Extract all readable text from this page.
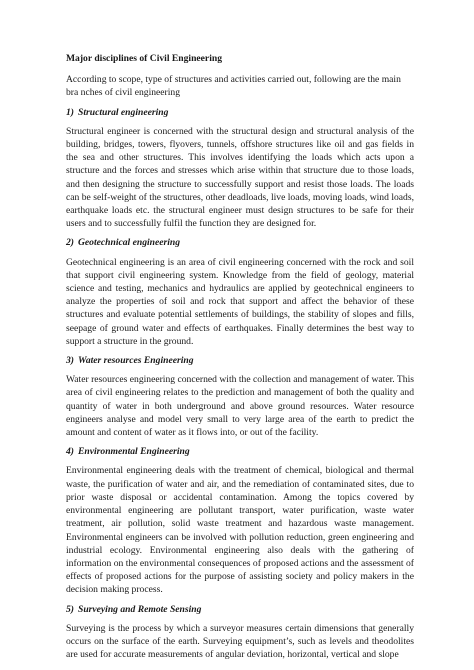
Major disciplines of Civil Engineering
According to scope, type of structures and activities carried out, following are the main bra nches of civil engineering
1) Structural engineering
Structural engineer is concerned with the structural design and structural analysis of the building, bridges, towers, flyovers, tunnels, offshore structures like oil and gas fields in the sea and other structures. This involves identifying the loads which acts upon a structure and the forces and stresses which arise within that structure due to those loads, and then designing the structure to successfully support and resist those loads. The loads can be self-weight of the structures, other deadloads, live loads, moving loads, wind loads, earthquake loads etc. the structural engineer must design structures to be safe for their users and to successfully fulfil the function they are designed for.
2) Geotechnical engineering
Geotechnical engineering is an area of civil engineering concerned with the rock and soil that support civil engineering system. Knowledge from the field of geology, material science and testing, mechanics and hydraulics are applied by geotechnical engineers to analyze the properties of soil and rock that support and affect the behavior of these structures and evaluate potential settlements of buildings, the stability of slopes and fills, seepage of ground water and effects of earthquakes. Finally determines the best way to support a structure in the ground.
3) Water resources Engineering
Water resources engineering concerned with the collection and management of water. This area of civil engineering relates to the prediction and management of both the quality and quantity of water in both underground and above ground resources. Water resource engineers analyse and model very small to very large area of the earth to predict the amount and content of water as it flows into, or out of the facility.
4) Environmental Engineering
Environmental engineering deals with the treatment of chemical, biological and thermal waste, the purification of water and air, and the remediation of contaminated sites, due to prior waste disposal or accidental contamination. Among the topics covered by environmental engineering are pollutant transport, water purification, waste water treatment, air pollution, solid waste treatment and hazardous waste management. Environmental engineers can be involved with pollution reduction, green engineering and industrial ecology. Environmental engineering also deals with the gathering of information on the environmental consequences of proposed actions and the assessment of effects of proposed actions for the purpose of assisting society and policy makers in the decision making process.
5) Surveying and Remote Sensing
Surveying is the process by which a surveyor measures certain dimensions that generally occurs on the surface of the earth. Surveying equipment’s, such as levels and theodolites are used for accurate measurements of angular deviation, horizontal, vertical and slope
